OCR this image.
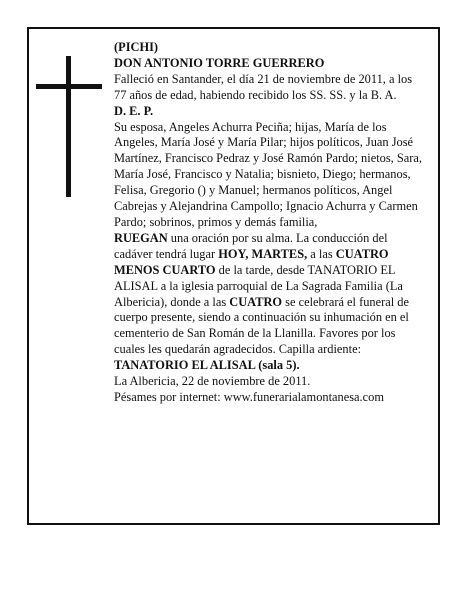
(PICHI)

DON ANTONIO TORRE GUERRERO

Falleció en Santander, el día 21 de noviembre de 2011, a los 77 años de edad, habiendo recibido los SS. SS. y la B. A.

D. E. P.

Su esposa, Angeles Achurra Peciña; hijas, María de los Angeles, María José y María Pilar; hijos políticos, Juan José Martínez, Francisco Pedraz y José Ramón Pardo; nietos, Sara, María José, Francisco y Natalia; bisnieto, Diego; hermanos, Felisa, Gregorio () y Manuel; hermanos políticos, Angel Cabrejas y Alejandrina Campollo; Ignacio Achurra y Carmen Pardo; sobrinos, primos y demás familia,

RUEGAN una oración por su alma. La conducción del cadáver tendrá lugar HOY, MARTES, a las CUATRO MENOS CUARTO de la tarde, desde TANATORIO EL ALISAL a la iglesia parroquial de La Sagrada Familia (La Albericia), donde a las CUATRO se celebrará el funeral de cuerpo presente, siendo a continuación su inhumación en el cementerio de San Román de la Llanilla. Favores por los cuales les quedarán agradecidos. Capilla ardiente: TANATORIO EL ALISAL (sala 5).

La Albericia, 22 de noviembre de 2011.

Pésames por internet: www.funerarialamontanesa.com
